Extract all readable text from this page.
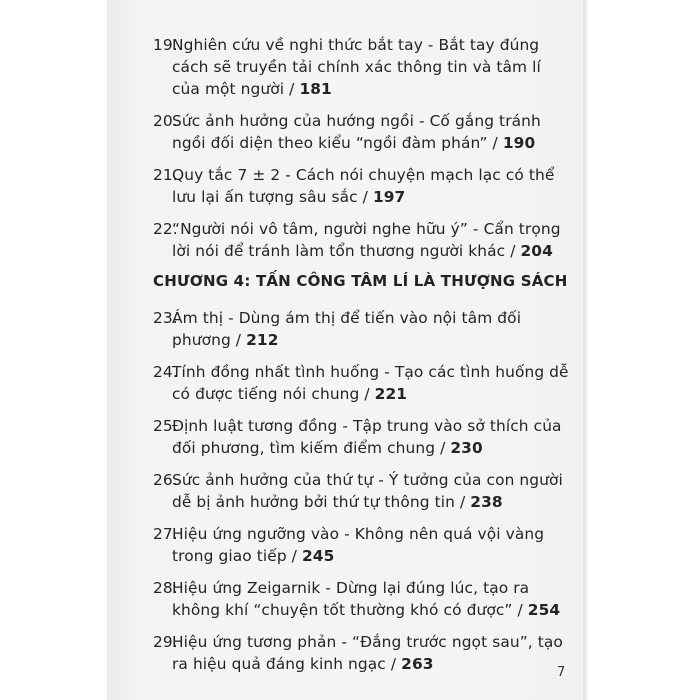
19.
Nghiên cứu về nghi thức bắt tay - Bắt tay đúng cách sẽ truyền tải chính xác thông tin và tâm lí của một người / 181
20.
Sức ảnh hưởng của hướng ngồi - Cố gắng tránh ngồi đối diện theo kiểu “ngồi đàm phán” / 190
21.
Quy tắc 7 ± 2 - Cách nói chuyện mạch lạc có thể lưu lại ấn tượng sâu sắc / 197
22.
“Người nói vô tâm, người nghe hữu ý” - Cẩn trọng lời nói để tránh làm tổn thương người khác / 204
CHƯƠNG 4: TẤN CÔNG TÂM LÍ LÀ THƯỢNG SÁCH
23.
Ám thị - Dùng ám thị để tiến vào nội tâm đối phương / 212
24.
Tính đồng nhất tình huống - Tạo các tình huống dễ có được tiếng nói chung / 221
25.
Định luật tương đồng - Tập trung vào sở thích của đối phương, tìm kiếm điểm chung / 230
26.
Sức ảnh hưởng của thứ tự - Ý tưởng của con người dễ bị ảnh hưởng bởi thứ tự thông tin / 238
27.
Hiệu ứng ngưỡng vào - Không nên quá vội vàng trong giao tiếp / 245
28.
Hiệu ứng Zeigarnik - Dừng lại đúng lúc, tạo ra không khí “chuyện tốt thường khó có được” / 254
29.
Hiệu ứng tương phản - “Đắng trước ngọt sau”, tạo ra hiệu quả đáng kinh ngạc / 263	7
